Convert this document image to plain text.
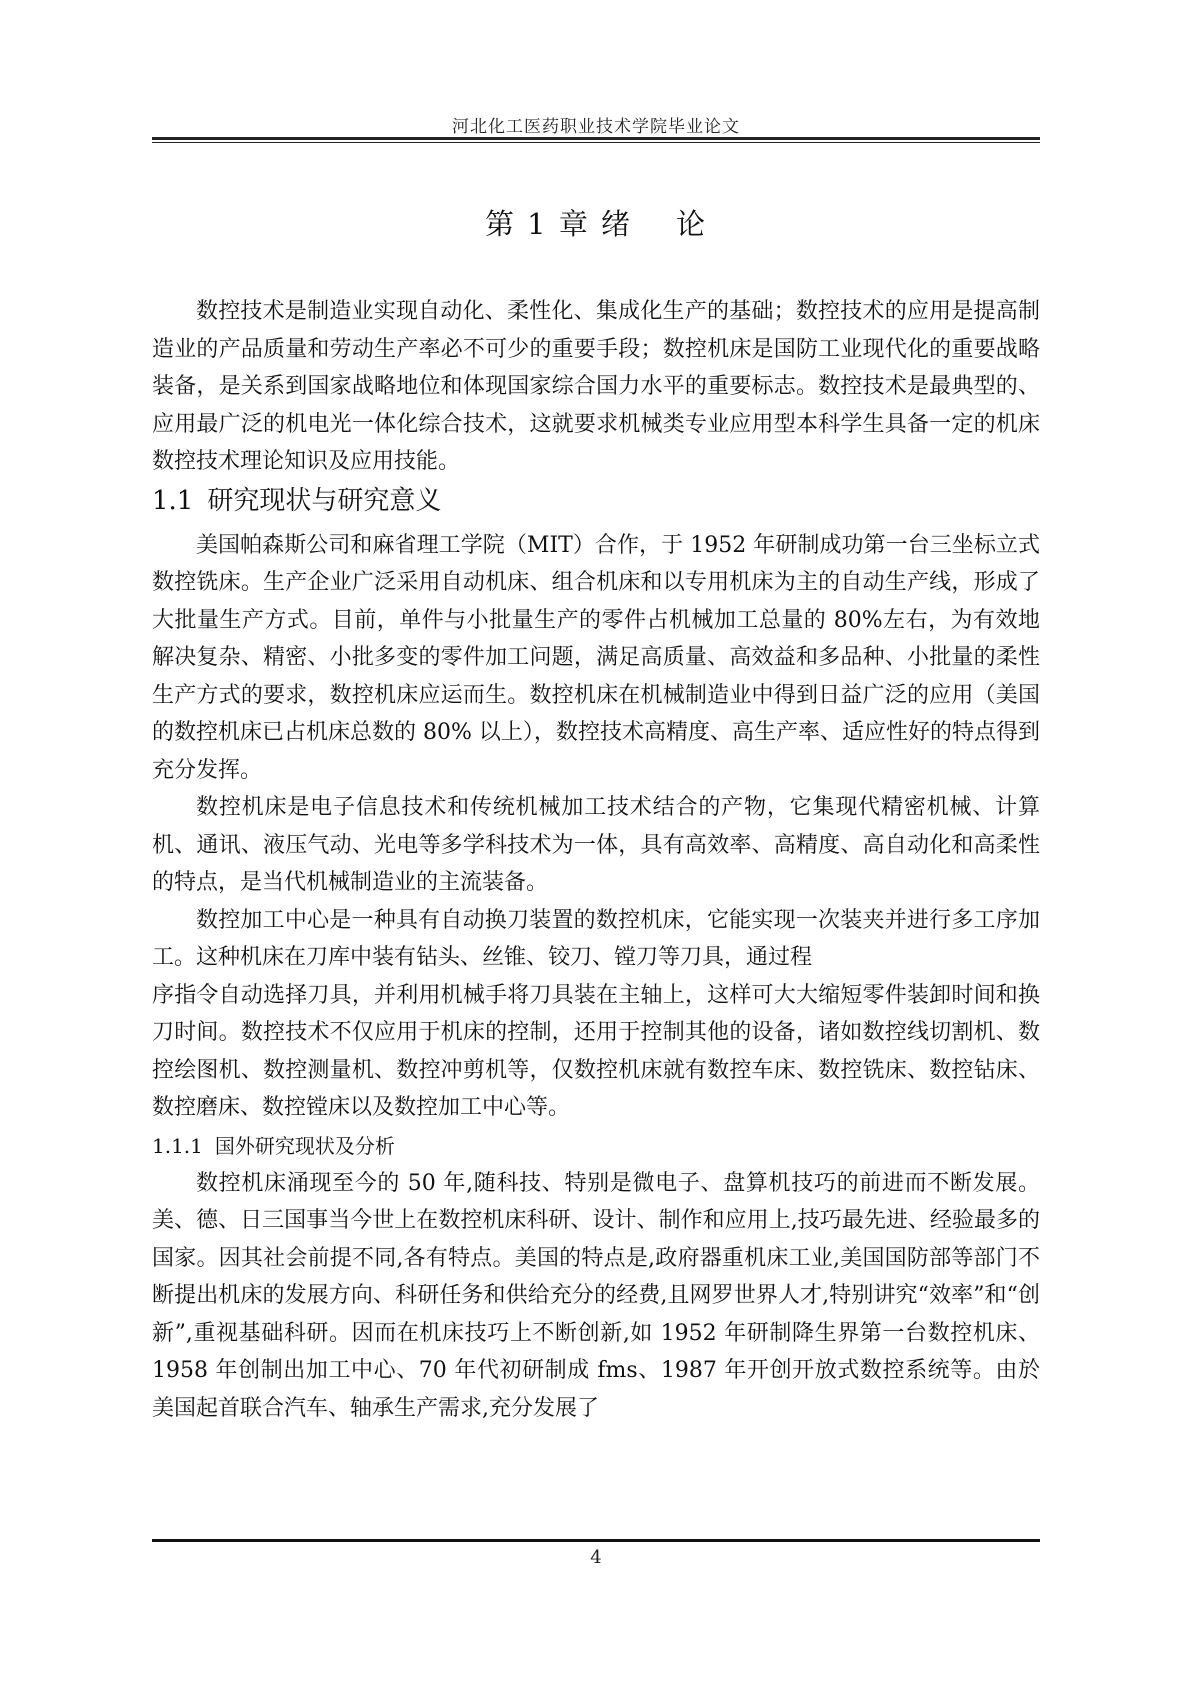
河北化工医药职业技术学院毕业论文
第 1 章 绪 论

数控技术是制造业实现自动化、柔性化、集成化生产的基础；数控技术的应用是提高制造业的产品质量和劳动生产率必不可少的重要手段；数控机床是国防工业现代化的重要战略装备，是关系到国家战略地位和体现国家综合国力水平的重要标志。数控技术是最典型的、应用最广泛的机电光一体化综合技术，这就要求机械类专业应用型本科学生具备一定的机床数控技术理论知识及应用技能。

1.1 研究现状与研究意义

美国帕森斯公司和麻省理工学院（MIT）合作，于 1952 年研制成功第一台三坐标立式数控铣床。生产企业广泛采用自动机床、组合机床和以专用机床为主的自动生产线，形成了大批量生产方式。目前，单件与小批量生产的零件占机械加工总量的 80%左右，为有效地解决复杂、精密、小批多变的零件加工问题，满足高质量、高效益和多品种、小批量的柔性生产方式的要求，数控机床应运而生。数控机床在机械制造业中得到日益广泛的应用（美国的数控机床已占机床总数的 80% 以上），数控技术高精度、高生产率、适应性好的特点得到充分发挥。

数控机床是电子信息技术和传统机械加工技术结合的产物，它集现代精密机械、计算机、通讯、液压气动、光电等多学科技术为一体，具有高效率、高精度、高自动化和高柔性的特点，是当代机械制造业的主流装备。

数控加工中心是一种具有自动换刀装置的数控机床，它能实现一次装夹并进行多工序加工。这种机床在刀库中装有钻头、丝锥、铰刀、镗刀等刀具，通过程

序指令自动选择刀具，并利用机械手将刀具装在主轴上，这样可大大缩短零件装卸时间和换刀时间。数控技术不仅应用于机床的控制，还用于控制其他的设备，诸如数控线切割机、数控绘图机、数控测量机、数控冲剪机等，仅数控机床就有数控车床、数控铣床、数控钻床、数控磨床、数控镗床以及数控加工中心等。

1.1.1 国外研究现状及分析

数控机床涌现至今的 50 年,随科技、特别是微电子、盘算机技巧的前进而不断发展。美、德、日三国事当今世上在数控机床科研、设计、制作和应用上,技巧最先进、经验最多的国家。因其社会前提不同,各有特点。美国的特点是,政府器重机床工业,美国国防部等部门不断提出机床的发展方向、科研任务和供给充分的经费,且网罗世界人才,特别讲究“效率”和“创新”,重视基础科研。因而在机床技巧上不断创新,如 1952 年研制降生界第一台数控机床、1958 年创制出加工中心、70 年代初研制成 fms、1987 年开创开放式数控系统等。由於美国起首联合汽车、轴承生产需求,充分发展了

4
